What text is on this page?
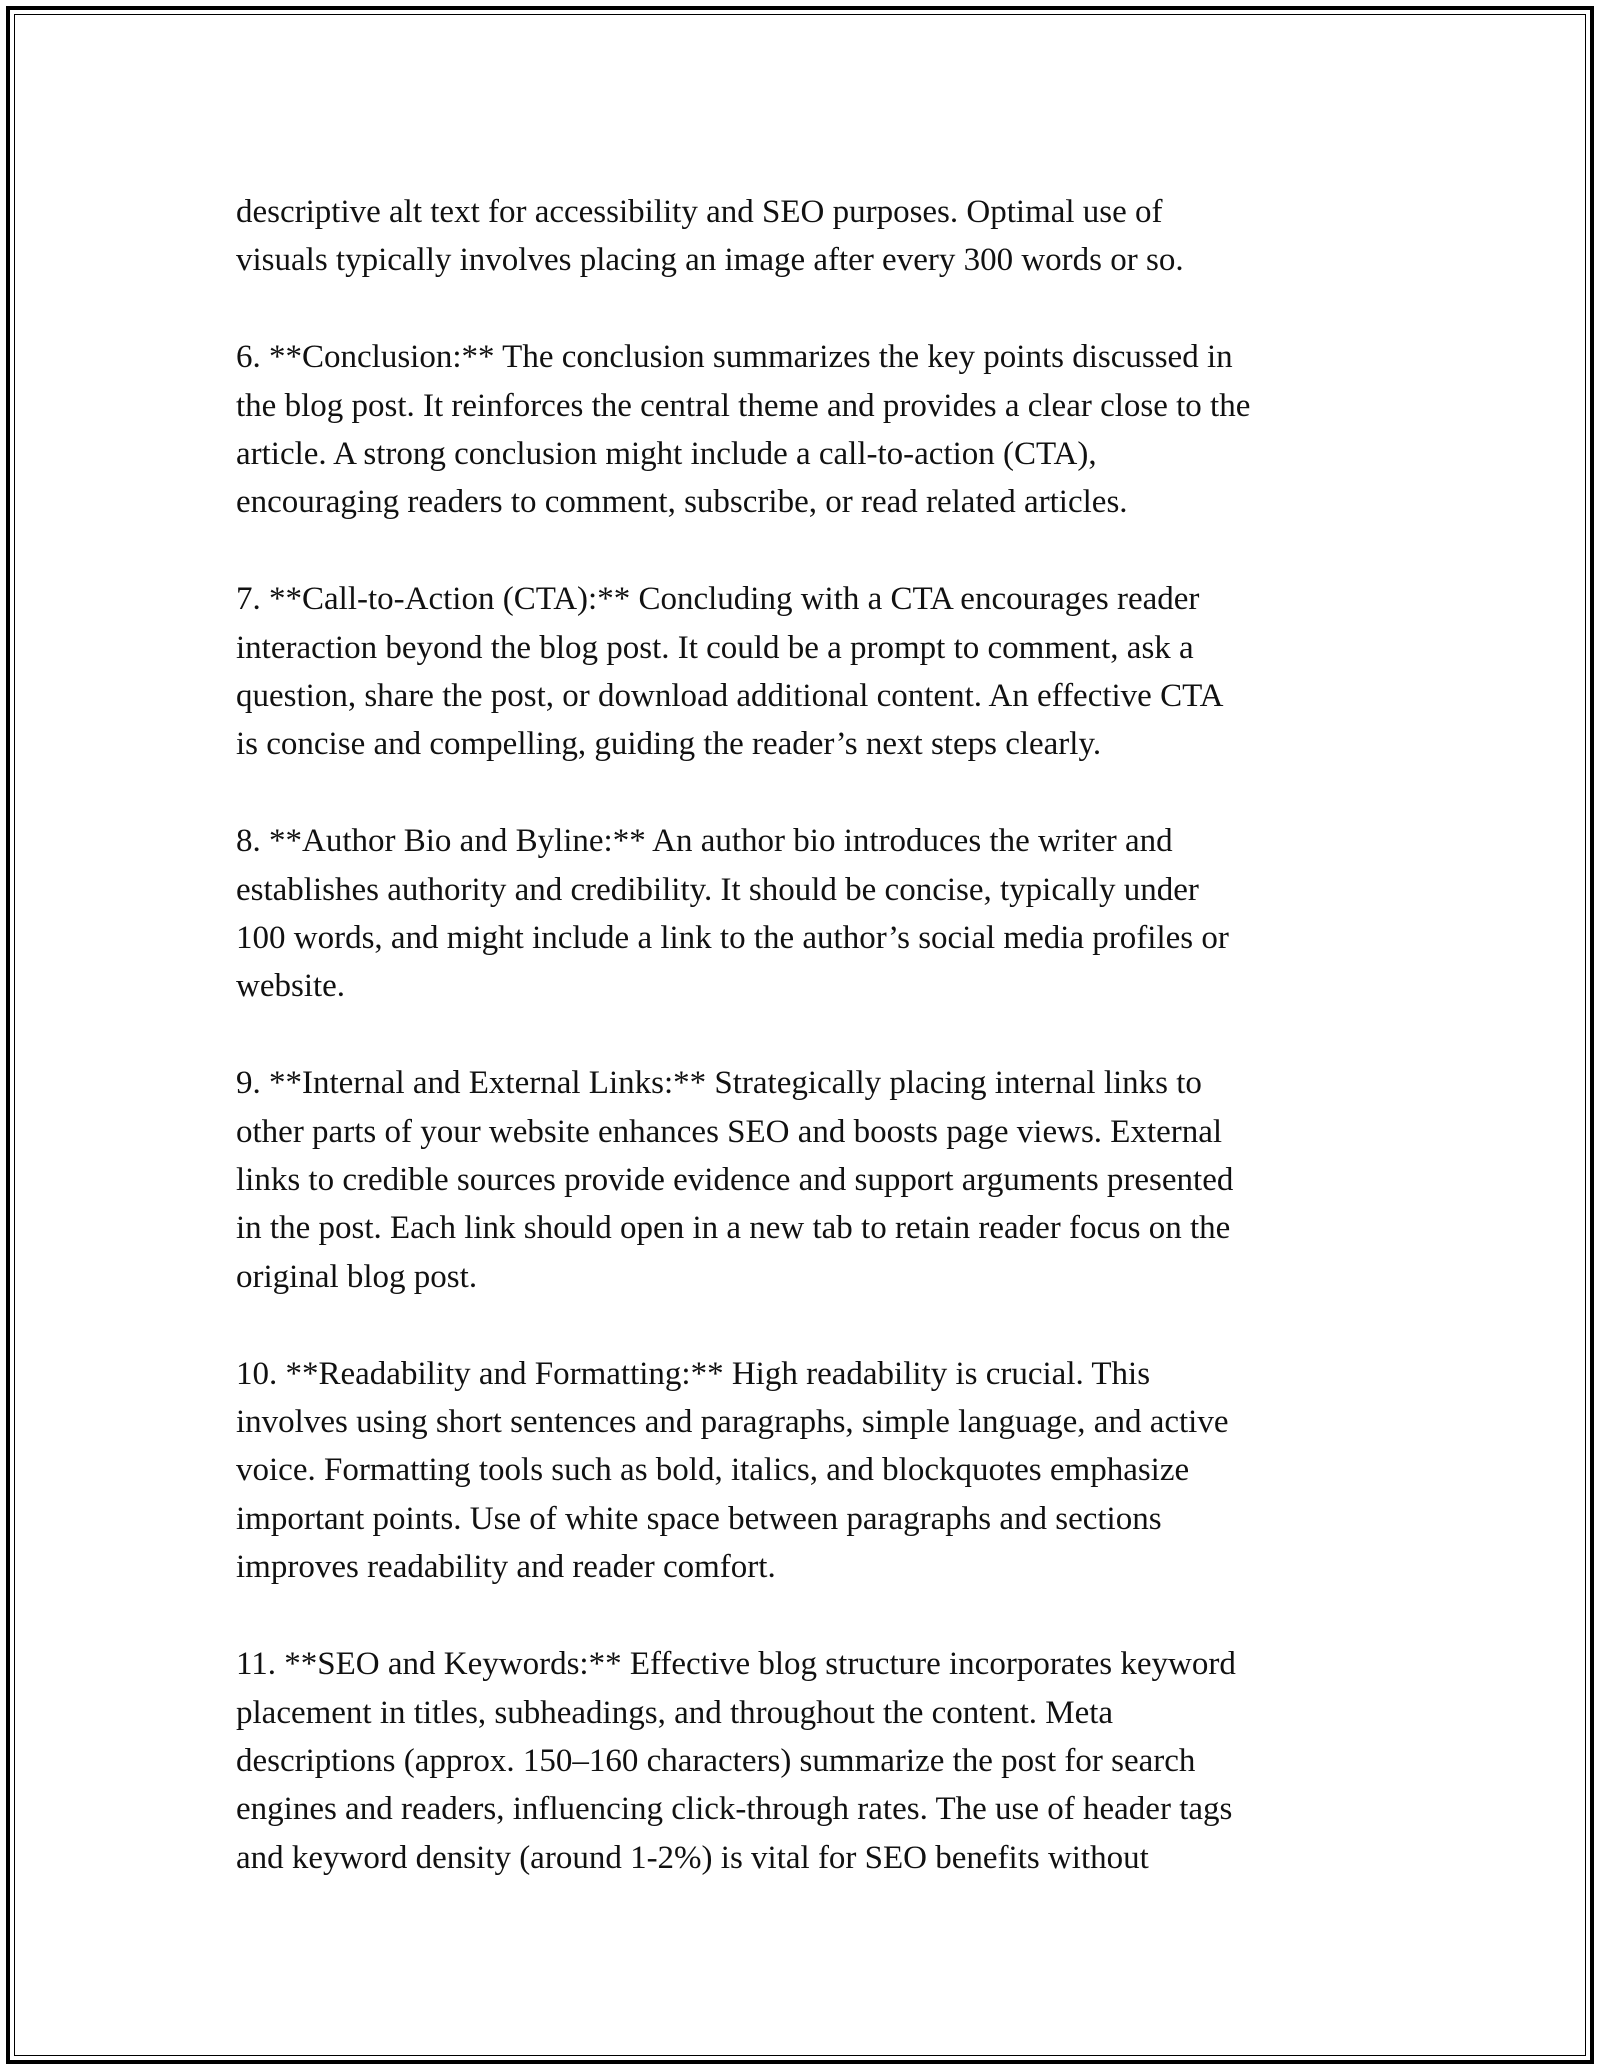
descriptive alt text for accessibility and SEO purposes. Optimal use of
visuals typically involves placing an image after every 300 words or so.

6. **Conclusion:** The conclusion summarizes the key points discussed in
the blog post. It reinforces the central theme and provides a clear close to the
article. A strong conclusion might include a call-to-action (CTA),
encouraging readers to comment, subscribe, or read related articles.

7. **Call-to-Action (CTA):** Concluding with a CTA encourages reader
interaction beyond the blog post. It could be a prompt to comment, ask a
question, share the post, or download additional content. An effective CTA
is concise and compelling, guiding the reader’s next steps clearly.

8. **Author Bio and Byline:** An author bio introduces the writer and
establishes authority and credibility. It should be concise, typically under
100 words, and might include a link to the author’s social media profiles or
website.

9. **Internal and External Links:** Strategically placing internal links to
other parts of your website enhances SEO and boosts page views. External
links to credible sources provide evidence and support arguments presented
in the post. Each link should open in a new tab to retain reader focus on the
original blog post.

10. **Readability and Formatting:** High readability is crucial. This
involves using short sentences and paragraphs, simple language, and active
voice. Formatting tools such as bold, italics, and blockquotes emphasize
important points. Use of white space between paragraphs and sections
improves readability and reader comfort.

11. **SEO and Keywords:** Effective blog structure incorporates keyword
placement in titles, subheadings, and throughout the content. Meta
descriptions (approx. 150–160 characters) summarize the post for search
engines and readers, influencing click-through rates. The use of header tags
and keyword density (around 1-2%) is vital for SEO benefits without
